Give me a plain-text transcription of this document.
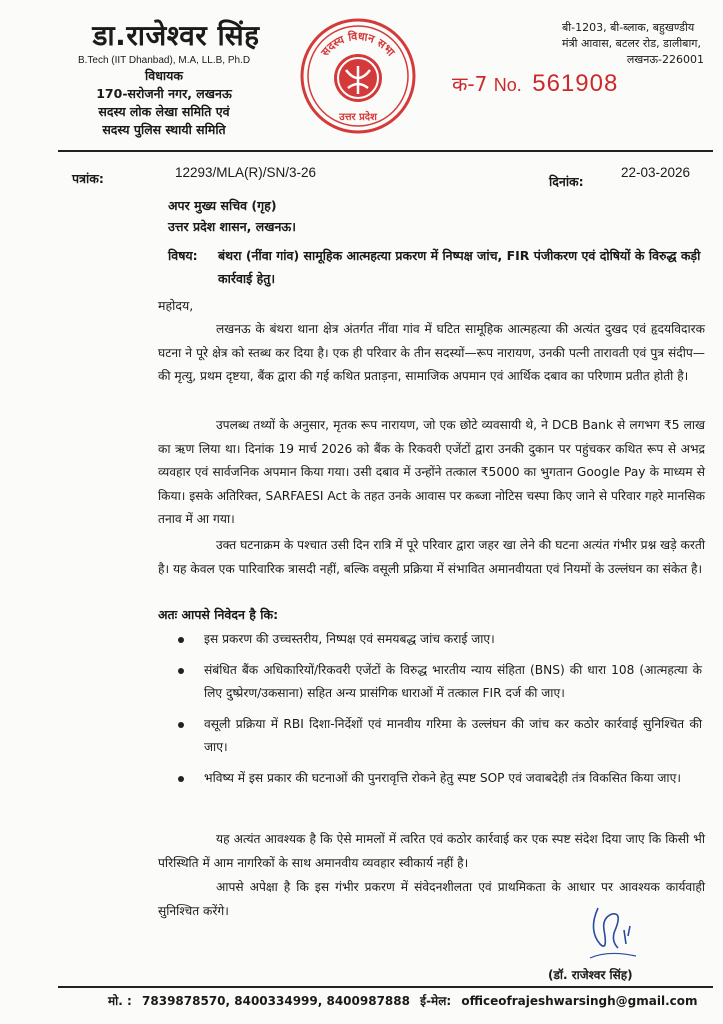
डा.राजेश्वर सिंह
B.Tech (IIT Dhanbad), M.A, LL.B, Ph.D
विधायक
170-सरोजनी नगर, लखनऊ
सदस्य लोक लेखा समिति एवं
सदस्य पुलिस स्थायी समिति
सदस्य विधान सभा
उत्तर प्रदेश
बी-1203, बी-ब्लाक, बहुखण्डीय
मंत्री आवास, बटलर रोड, डालीबाग,
लखनऊ-226001
क-7 No. 561908
पत्रांक:	12293/MLA(R)/SN/3-26
दिनांक:
22-03-2026
अपर मुख्य सचिव (गृह)
उत्तर प्रदेश शासन, लखनऊ।
विषय:	बंथरा (नींवा गांव) सामूहिक आत्महत्या प्रकरण में निष्पक्ष जांच, FIR पंजीकरण एवं दोषियों के विरुद्ध कड़ी कार्रवाई हेतु।
महोदय,
लखनऊ के बंथरा थाना क्षेत्र अंतर्गत नींवा गांव में घटित सामूहिक आत्महत्या की अत्यंत दुखद एवं हृदयविदारक घटना ने पूरे क्षेत्र को स्तब्ध कर दिया है। एक ही परिवार के तीन सदस्यों—रूप नारायण, उनकी पत्नी तारावती एवं पुत्र संदीप—की मृत्यु, प्रथम दृष्टया, बैंक द्वारा की गई कथित प्रताड़ना, सामाजिक अपमान एवं आर्थिक दबाव का परिणाम प्रतीत होती है।
उपलब्ध तथ्यों के अनुसार, मृतक रूप नारायण, जो एक छोटे व्यवसायी थे, ने DCB Bank से लगभग ₹5 लाख का ऋण लिया था। दिनांक 19 मार्च 2026 को बैंक के रिकवरी एजेंटों द्वारा उनकी दुकान पर पहुंचकर कथित रूप से अभद्र व्यवहार एवं सार्वजनिक अपमान किया गया। उसी दबाव में उन्होंने तत्काल ₹5000 का भुगतान Google Pay के माध्यम से किया। इसके अतिरिक्त, SARFAESI Act के तहत उनके आवास पर कब्जा नोटिस चस्पा किए जाने से परिवार गहरे मानसिक तनाव में आ गया।
उक्त घटनाक्रम के पश्चात उसी दिन रात्रि में पूरे परिवार द्वारा जहर खा लेने की घटना अत्यंत गंभीर प्रश्न खड़े करती है। यह केवल एक पारिवारिक त्रासदी नहीं, बल्कि वसूली प्रक्रिया में संभावित अमानवीयता एवं नियमों के उल्लंघन का संकेत है।
अतः आपसे निवेदन है कि:
इस प्रकरण की उच्चस्तरीय, निष्पक्ष एवं समयबद्ध जांच कराई जाए।
संबंधित बैंक अधिकारियों/रिकवरी एजेंटों के विरुद्ध भारतीय न्याय संहिता (BNS) की धारा 108 (आत्महत्या के लिए दुष्प्रेरण/उकसाना) सहित अन्य प्रासंगिक धाराओं में तत्काल FIR दर्ज की जाए।
वसूली प्रक्रिया में RBI दिशा-निर्देशों एवं मानवीय गरिमा के उल्लंघन की जांच कर कठोर कार्रवाई सुनिश्चित की जाए।
भविष्य में इस प्रकार की घटनाओं की पुनरावृत्ति रोकने हेतु स्पष्ट SOP एवं जवाबदेही तंत्र विकसित किया जाए।
यह अत्यंत आवश्यक है कि ऐसे मामलों में त्वरित एवं कठोर कार्रवाई कर एक स्पष्ट संदेश दिया जाए कि किसी भी परिस्थिति में आम नागरिकों के साथ अमानवीय व्यवहार स्वीकार्य नहीं है।
आपसे अपेक्षा है कि इस गंभीर प्रकरण में संवेदनशीलता एवं प्राथमिकता के आधार पर आवश्यक कार्यवाही सुनिश्चित करेंगे।
(डॉ. राजेश्वर सिंह)
मो. : 7839878570, 8400334999, 8400987888 ई-मेल: officeofrajeshwarsingh@gmail.com
